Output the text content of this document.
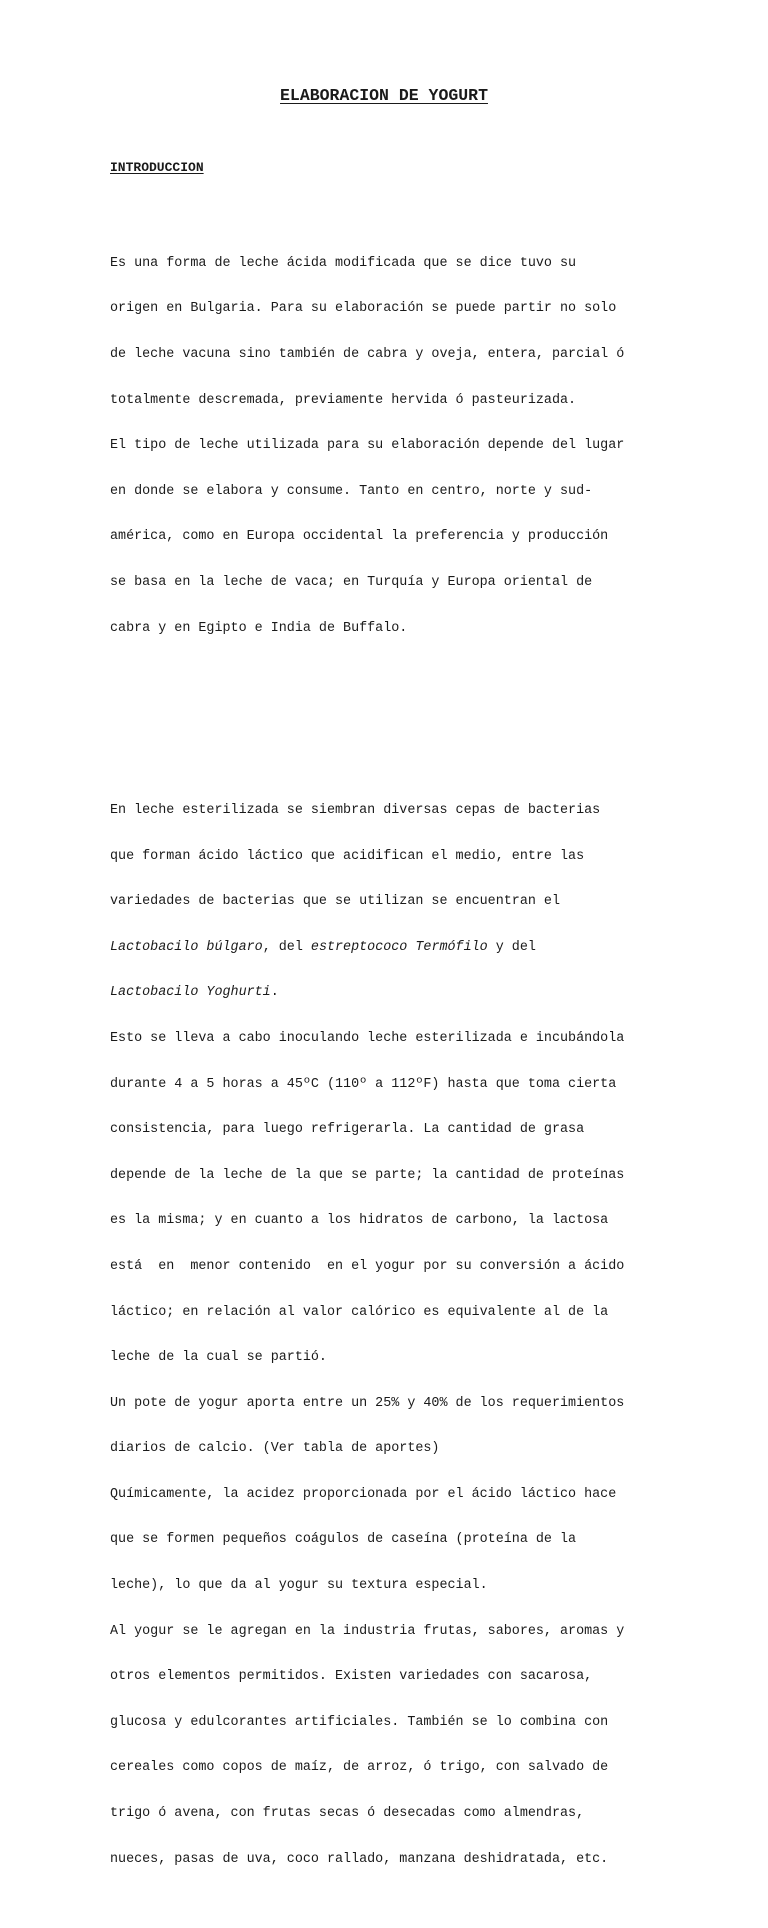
ELABORACION DE YOGURT
INTRODUCCION

Es una forma de leche ácida modificada que se dice tuvo su

origen en Bulgaria. Para su elaboración se puede partir no solo

de leche vacuna sino también de cabra y oveja, entera, parcial ó

totalmente descremada, previamente hervida ó pasteurizada.

El tipo de leche utilizada para su elaboración depende del lugar

en donde se elabora y consume. Tanto en centro, norte y sud-

américa, como en Europa occidental la preferencia y producción

se basa en la leche de vaca; en Turquía y Europa oriental de

cabra y en Egipto e India de Buffalo.

En leche esterilizada se siembran diversas cepas de bacterias

que forman ácido láctico que acidifican el medio, entre las

variedades de bacterias que se utilizan se encuentran el

Lactobacilo búlgaro, del estreptococo Termófilo y del

Lactobacilo Yoghurti.

Esto se lleva a cabo inoculando leche esterilizada e incubándola

durante 4 a 5 horas a 45ºC (110º a 112ºF) hasta que toma cierta

consistencia, para luego refrigerarla. La cantidad de grasa

depende de la leche de la que se parte; la cantidad de proteínas

es la misma; y en cuanto a los hidratos de carbono, la lactosa

está  en  menor contenido  en el yogur por su conversión a ácido

láctico; en relación al valor calórico es equivalente al de la

leche de la cual se partió.

Un pote de yogur aporta entre un 25% y 40% de los requerimientos

diarios de calcio. (Ver tabla de aportes)

Químicamente, la acidez proporcionada por el ácido láctico hace

que se formen pequeños coágulos de caseína (proteína de la

leche), lo que da al yogur su textura especial.

Al yogur se le agregan en la industria frutas, sabores, aromas y

otros elementos permitidos. Existen variedades con sacarosa,

glucosa y edulcorantes artificiales. También se lo combina con

cereales como copos de maíz, de arroz, ó trigo, con salvado de

trigo ó avena, con frutas secas ó desecadas como almendras,

nueces, pasas de uva, coco rallado, manzana deshidratada, etc.
